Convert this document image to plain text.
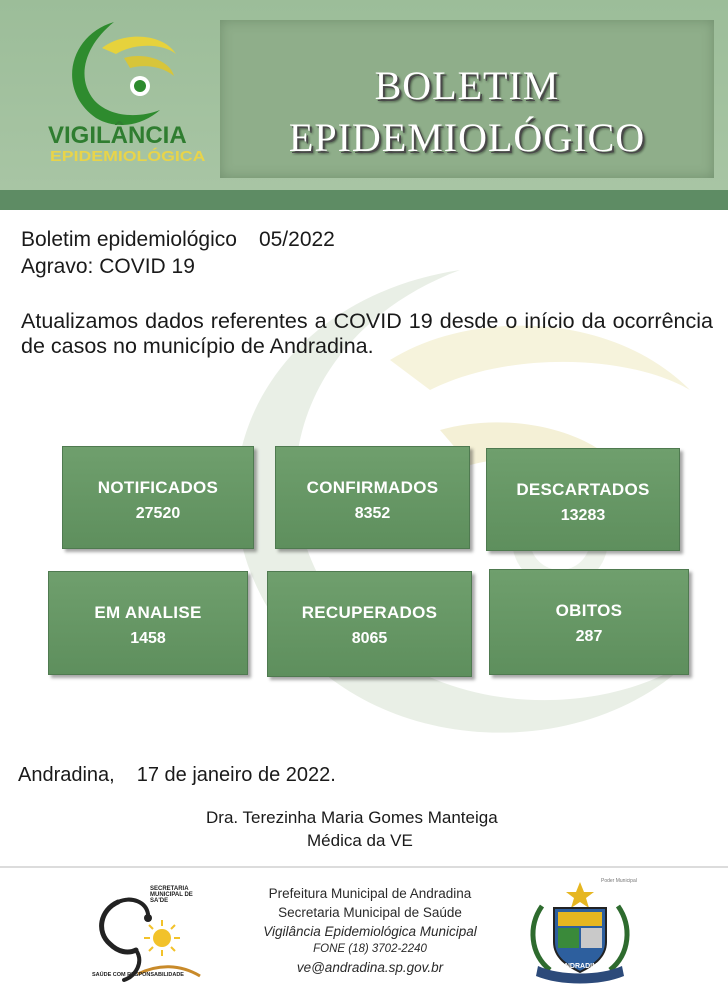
VIGILÂNCIA
EPIDEMIOLÓGICA
BOLETIM
EPIDEMIOLÓGICO
Boletim epidemiológico 05/2022
Agravo: COVID 19
Atualizamos dados referentes a COVID 19 desde o início da ocorrência de casos no município de Andradina.
NOTIFICADOS
27520
CONFIRMADOS
8352
DESCARTADOS
13283
EM ANALISE
1458
RECUPERADOS
8065
OBITOS
287
Andradina, 17 de janeiro de 2022.
Dra. Terezinha Maria Gomes Manteiga
Médica da VE
SECRETARIA MUNICIPAL DE SA'DE
SAÚDE COM RESPONSABILIDADE
Prefeitura Municipal de Andradina
Secretaria Municipal de Saúde
Vigilância Epidemiológica Municipal
FONE (18) 3702-2240
ve@andradina.sp.gov.br	ANDRADINA
Poder Municipal
